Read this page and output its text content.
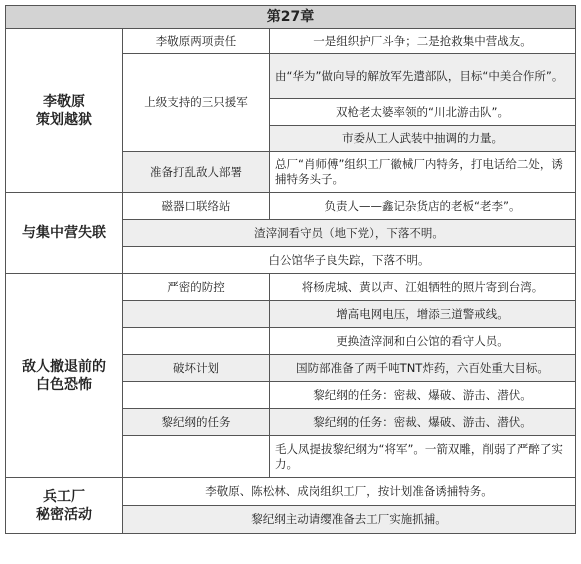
第27章		

李敬原
策划越狱	李敬原两项责任	一是组织护厂斗争；二是抢救集中营战友。
	上级支持的三只援军	由“华为”做向导的解放军先遣部队，目标“中美合作所”。
		双枪老太婆率领的“川北游击队”。
		市委从工人武装中抽调的力量。
	准备打乱敌人部署	总厂“肖师傅”组织工厂徽械厂内特务，打电话给二处，诱捕特务头子。
与集中营失联	磁器口联络站	负责人——鑫记杂货店的老板“老李”。
	渣滓洞看守员（地下党），下落不明。	
	白公馆华子良失踪，下落不明。	

敌人撤退前的
白色恐怖	严密的防控	将杨虎城、黄以声、江姐牺牲的照片寄到台湾。
		增高电网电压，增添三道警戒线。
		更换渣滓洞和白公馆的看守人员。
	破坏计划	国防部准备了两千吨TNT炸药，六百处重大目标。
		黎纪纲的任务：密裁、爆破、游击、潜伏。
	黎纪纲的任务	黎纪纲的任务：密裁、爆破、游击、潜伏。
		毛人凤提拔黎纪纲为“将军”。一箭双雕，削弱了严醉了实力。

兵工厂
秘密活动	李敬原、陈松林、成岗组织工厂，按计划准备诱捕特务。	
	黎纪纲主动请缨准备去工厂实施抓捕。	
